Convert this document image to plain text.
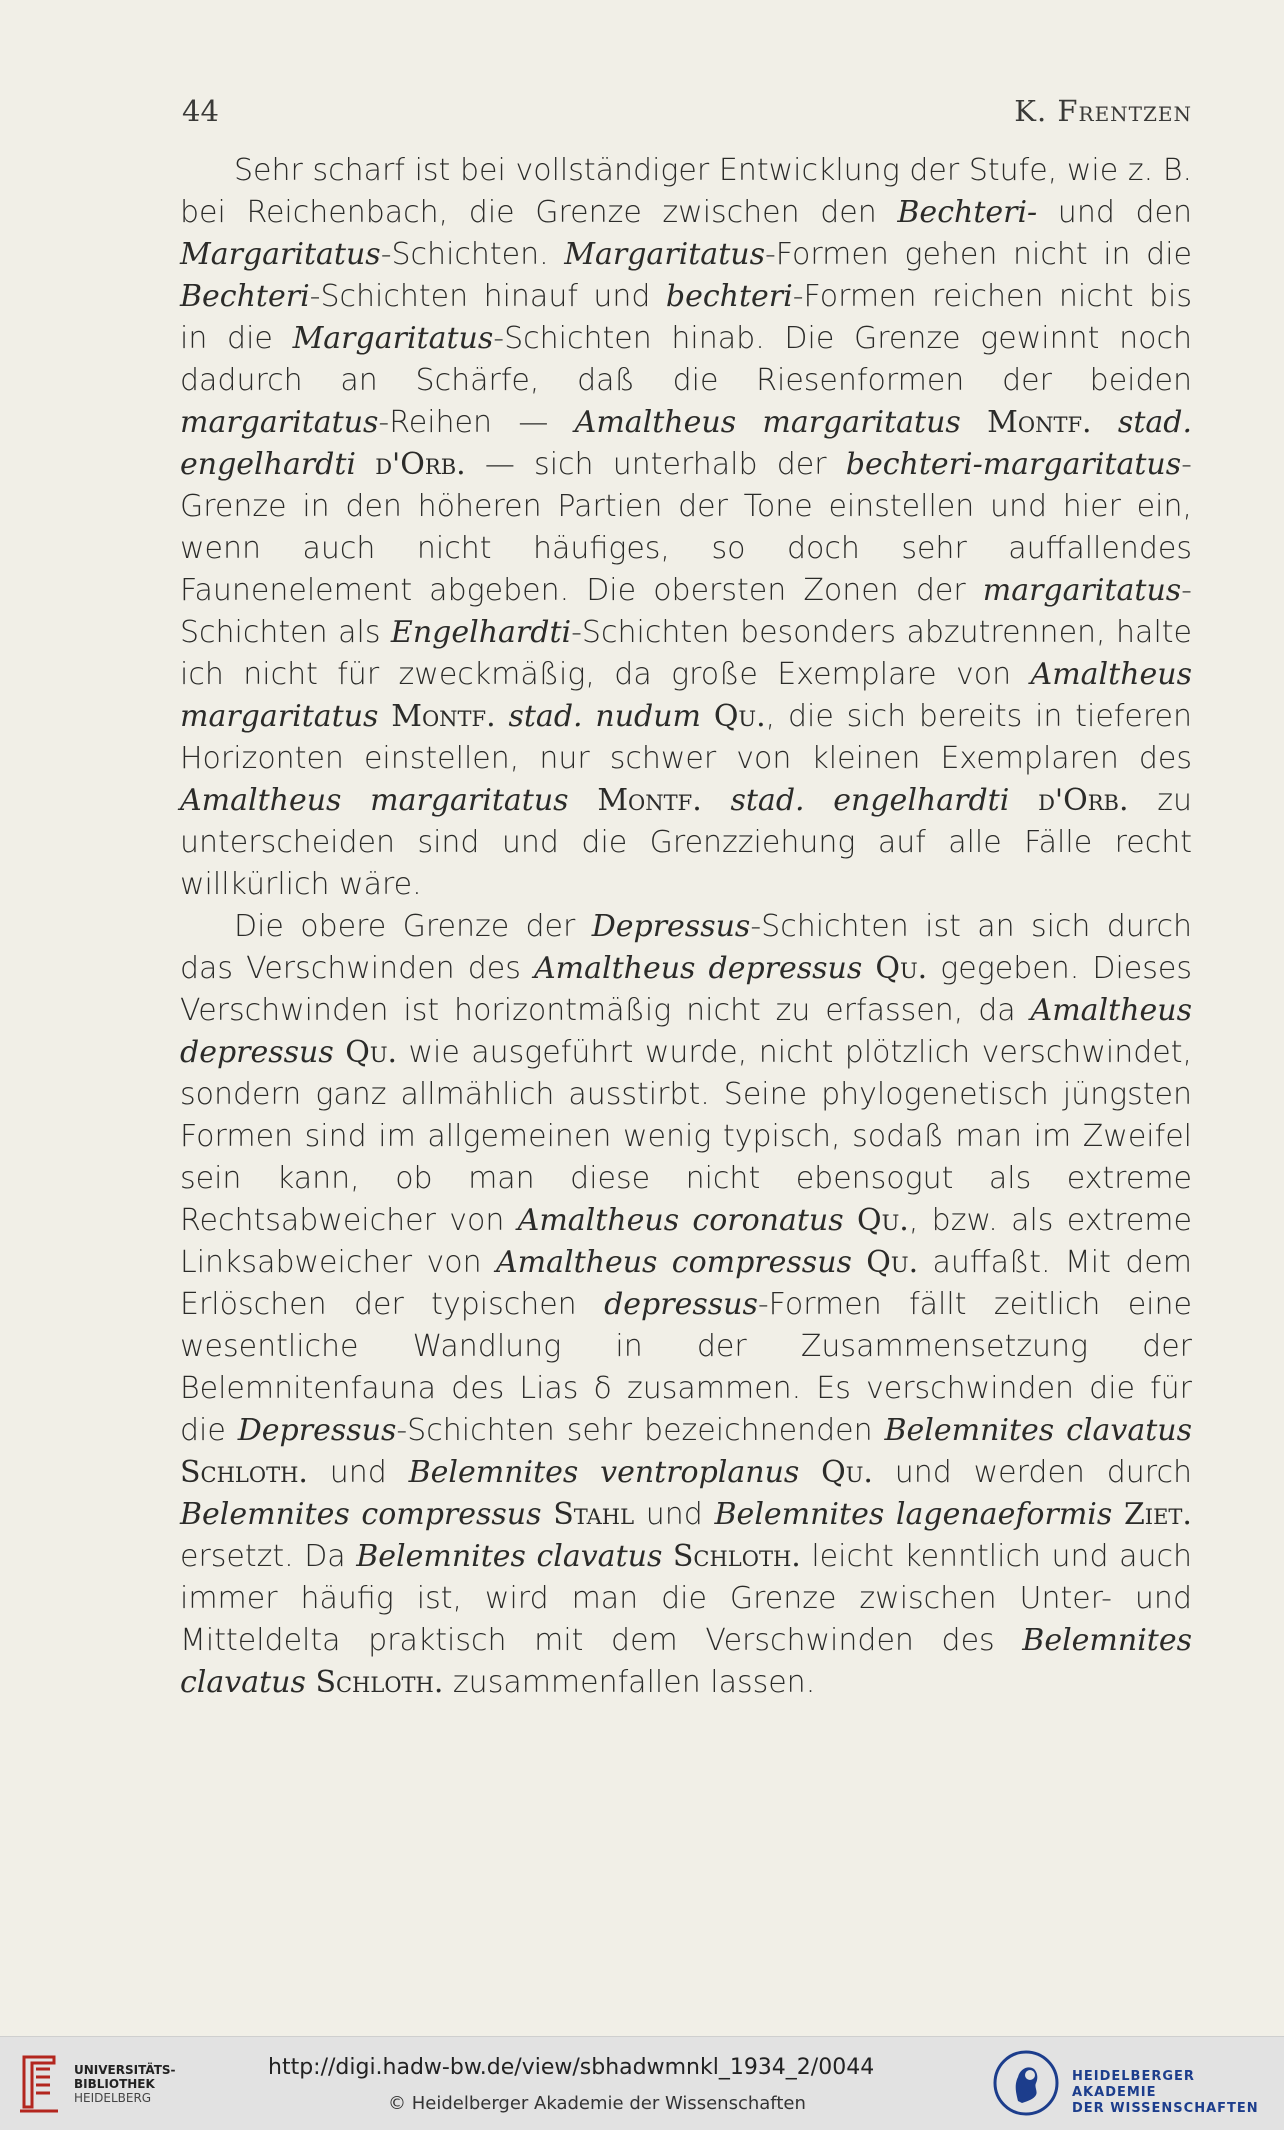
44	K. Frentzen

Sehr scharf ist bei vollständiger Entwicklung der Stufe, wie z. B. bei Reichenbach, die Grenze zwischen den Bechteri- und den Margaritatus-Schichten. Margaritatus-Formen gehen nicht in die Bechteri-Schichten hinauf und bechteri-Formen reichen nicht bis in die Margaritatus-Schichten hinab. Die Grenze gewinnt noch dadurch an Schärfe, daß die Riesenformen der beiden margaritatus-Reihen — Amaltheus margaritatus Montf. stad. engelhardti d'Orb. — sich unterhalb der bechteri-margaritatus-Grenze in den höheren Partien der Tone einstellen und hier ein, wenn auch nicht häufiges, so doch sehr auffallendes Faunenelement abgeben. Die obersten Zonen der margaritatus-Schichten als Engelhardti-Schichten besonders abzutrennen, halte ich nicht für zweckmäßig, da große Exemplare von Amaltheus margaritatus Montf. stad. nudum Qu., die sich bereits in tieferen Horizonten einstellen, nur schwer von kleinen Exemplaren des Amaltheus margaritatus Montf. stad. engelhardti d'Orb. zu unterscheiden sind und die Grenzziehung auf alle Fälle recht willkürlich wäre.

Die obere Grenze der Depressus-Schichten ist an sich durch das Verschwinden des Amaltheus depressus Qu. gegeben. Dieses Verschwinden ist horizontmäßig nicht zu erfassen, da Amaltheus depressus Qu. wie ausgeführt wurde, nicht plötzlich verschwindet, sondern ganz allmählich ausstirbt. Seine phylogenetisch jüngsten Formen sind im allgemeinen wenig typisch, sodaß man im Zweifel sein kann, ob man diese nicht ebensogut als extreme Rechtsabweicher von Amaltheus coronatus Qu., bzw. als extreme Linksabweicher von Amaltheus compressus Qu. auffaßt. Mit dem Erlöschen der typischen depressus-Formen fällt zeitlich eine wesentliche Wandlung in der Zusammensetzung der Belemnitenfauna des Lias δ zusammen. Es verschwinden die für die Depressus-Schichten sehr bezeichnenden Belemnites clavatus Schloth. und Belemnites ventroplanus Qu. und werden durch Belemnites compressus Stahl und Belemnites lagenaeformis Ziet. ersetzt. Da Belemnites clavatus Schloth. leicht kenntlich und auch immer häufig ist, wird man die Grenze zwischen Unter- und Mitteldelta praktisch mit dem Verschwinden des Belemnites clavatus Schloth. zusammenfallen lassen.

UNIVERSITÄTS-
BIBLIOTHEK
HEIDELBERG
http://digi.hadw-bw.de/view/sbhadwmnkl_1934_2/0044
© Heidelberger Akademie der Wissenschaften
HEIDELBERGER AKADEMIE
DER WISSENSCHAFTEN
